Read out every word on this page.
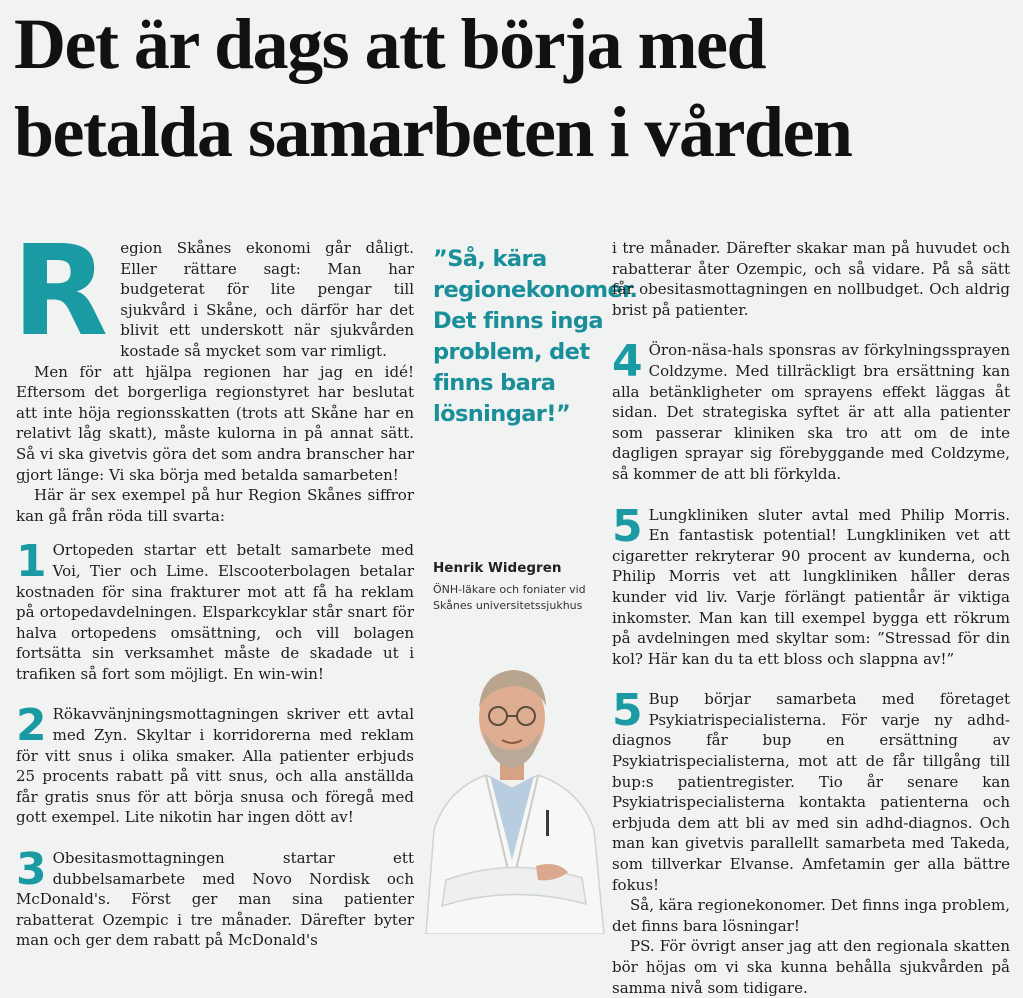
Det är dags att börja med
betalda samarbeten i vården

R egion Skånes ekonomi går dåligt. Eller rättare sagt: Man har budgeterat för lite pengar till sjukvård i Skåne, och därför har det blivit ett underskott när sjukvården kostade så mycket som var rimligt.

Men för att hjälpa regionen har jag en idé! Eftersom det borgerliga regionstyret har beslutat att inte höja regionsskatten (trots att Skåne har en relativt låg skatt), måste kulorna in på annat sätt. Så vi ska givetvis göra det som andra branscher har gjort länge: Vi ska börja med betalda samarbeten!

Här är sex exempel på hur Region Skånes siffror kan gå från röda till svarta:

1 Ortopeden startar ett betalt samarbete med Voi, Tier och Lime. Elscooterbolagen betalar kostnaden för sina frakturer mot att få ha reklam på ortopedavdelningen. Elsparkcyklar står snart för halva ortopedens omsättning, och vill bolagen fortsätta sin verksamhet måste de skadade ut i trafiken så fort som möjligt. En win-win!

2 Rökavvänjningsmottagningen skriver ett avtal med Zyn. Skyltar i korridorerna med reklam för vitt snus i olika smaker. Alla patienter erbjuds 25 procents rabatt på vitt snus, och alla anställda får gratis snus för att börja snusa och föregå med gott exempel. Lite nikotin har ingen dött av!

3 Obesitasmottagningen startar ett dubbelsamarbete med Novo Nordisk och McDonald's. Först ger man sina patienter rabatterat Ozempic i tre månader. Därefter byter man och ger dem rabatt på McDonald's

”Så, kära regionekonomer. Det finns inga problem, det finns bara lösningar!”
Henrik Widegren
ÖNH-läkare och foniater vid Skånes universitetssjukhus

i tre månader. Därefter skakar man på huvudet och rabatterar åter Ozempic, och så vidare. På så sätt får obesitasmottagningen en nollbudget. Och aldrig brist på patienter.

4 Öron-näsa-hals sponsras av förkylningssprayen Coldzyme. Med tillräckligt bra ersättning kan alla betänkligheter om sprayens effekt läggas åt sidan. Det strategiska syftet är att alla patienter som passerar kliniken ska tro att om de inte dagligen sprayar sig förebyggande med Coldzyme, så kommer de att bli förkylda.

5 Lungkliniken sluter avtal med Philip Morris. En fantastisk potential! Lungkliniken vet att cigaretter rekryterar 90 procent av kunderna, och Philip Morris vet att lungkliniken håller deras kunder vid liv. Varje förlängt patientår är viktiga inkomster. Man kan till exempel bygga ett rökrum på avdelningen med skyltar som: ”Stressad för din kol? Här kan du ta ett bloss och slappna av!”

5 Bup börjar samarbeta med företaget Psykiatrispecialisterna. För varje ny adhd-diagnos får bup en ersättning av Psykiatrispecialisterna, mot att de får tillgång till bup:s patientregister. Tio år senare kan Psykiatrispecialisterna kontakta patienterna och erbjuda dem att bli av med sin adhd-diagnos. Och man kan givetvis parallellt samarbeta med Takeda, som tillverkar Elvanse. Amfetamin ger alla bättre fokus!

Så, kära regionekonomer. Det finns inga problem, det finns bara lösningar!

PS. För övrigt anser jag att den regionala skatten bör höjas om vi ska kunna behålla sjukvården på samma nivå som tidigare.
